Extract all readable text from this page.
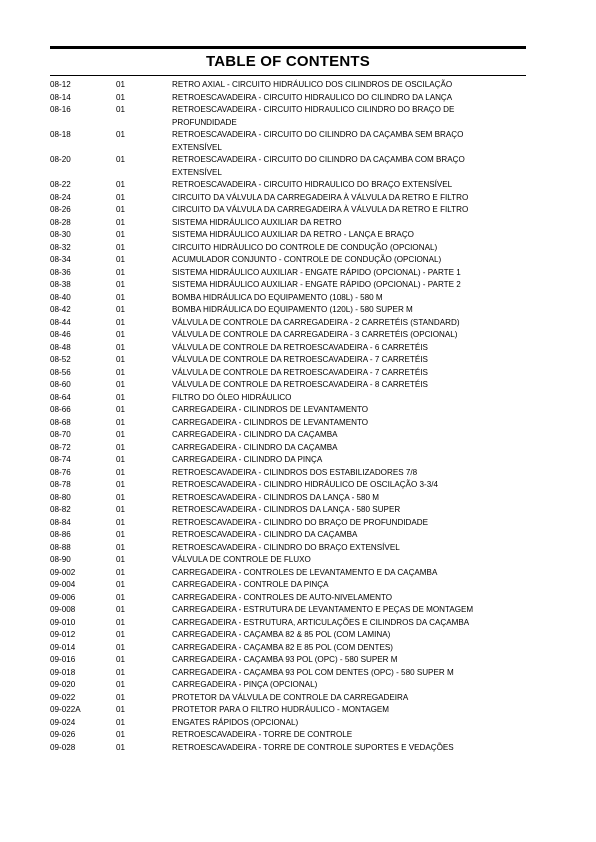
TABLE OF CONTENTS
08-12	01	RETRO AXIAL - CIRCUITO HIDRÁULICO DOS CILINDROS DE OSCILAÇÃO
08-14	01	RETROESCAVADEIRA - CIRCUITO HIDRAULICO DO CILINDRO DA LANÇA
08-16	01	RETROESCAVADEIRA - CIRCUITO HIDRAULICO CILINDRO DO BRAÇO DE
PROFUNDIDADE
08-18	01	RETROESCAVADEIRA - CIRCUITO DO CILINDRO DA CAÇAMBA SEM BRAÇO
EXTENSÍVEL
08-20	01	RETROESCAVADEIRA - CIRCUITO DO CILINDRO DA CAÇAMBA COM BRAÇO
EXTENSÍVEL
08-22	01	RETROESCAVADEIRA - CIRCUITO HIDRAULICO DO BRAÇO EXTENSÍVEL
08-24	01	CIRCUITO DA VÁLVULA DA CARREGADEIRA À VÁLVULA DA RETRO E FILTRO
08-26	01	CIRCUITO DA VÁLVULA DA CARREGADEIRA À VÁLVULA DA RETRO E FILTRO
08-28	01	SISTEMA HIDRÁULICO AUXILIAR DA RETRO
08-30	01	SISTEMA HIDRÁULICO AUXILIAR DA RETRO - LANÇA E BRAÇO
08-32	01	CIRCUITO HIDRÀULICO DO CONTROLE DE CONDUÇÃO (OPCIONAL)
08-34	01	ACUMULADOR CONJUNTO - CONTROLE DE CONDUÇÃO (OPCIONAL)
08-36	01	SISTEMA HIDRÁULICO AUXILIAR - ENGATE RÁPIDO (OPCIONAL) - PARTE 1
08-38	01	SISTEMA HIDRÁULICO AUXILIAR - ENGATE RÁPIDO (OPCIONAL) - PARTE 2
08-40	01	BOMBA HIDRÁULICA DO EQUIPAMENTO (108L) - 580 M
08-42	01	BOMBA HIDRÁULICA DO EQUIPAMENTO (120L) - 580 SUPER M
08-44	01	VÁLVULA DE CONTROLE DA CARREGADEIRA - 2 CARRETÉIS (STANDARD)
08-46	01	VÁLVULA DE CONTROLE DA CARREGADEIRA - 3 CARRETÉIS (OPCIONAL)
08-48	01	VÁLVULA DE CONTROLE DA RETROESCAVADEIRA - 6 CARRETÉIS
08-52	01	VÁLVULA DE CONTROLE DA RETROESCAVADEIRA - 7 CARRETÉIS
08-56	01	VÁLVULA DE CONTROLE DA RETROESCAVADEIRA - 7 CARRETÉIS
08-60	01	VÁLVULA DE CONTROLE DA RETROESCAVADEIRA - 8 CARRETÉIS
08-64	01	FILTRO DO ÓLEO HIDRÁULICO
08-66	01	CARREGADEIRA - CILINDROS DE LEVANTAMENTO
08-68	01	CARREGADEIRA - CILINDROS DE LEVANTAMENTO
08-70	01	CARREGADEIRA - CILINDRO DA CAÇAMBA
08-72	01	CARREGADEIRA - CILINDRO DA CAÇAMBA
08-74	01	CARREGADEIRA - CILINDRO DA PINÇA
08-76	01	RETROESCAVADEIRA - CILINDROS DOS ESTABILIZADORES 7/8
08-78	01	RETROESCAVADEIRA - CILINDRO HIDRÁULICO DE OSCILAÇÃO 3-3/4
08-80	01	RETROESCAVADEIRA - CILINDROS DA LANÇA - 580 M
08-82	01	RETROESCAVADEIRA - CILINDROS DA LANÇA - 580 SUPER
08-84	01	RETROESCAVADEIRA - CILINDRO DO BRAÇO DE PROFUNDIDADE
08-86	01	RETROESCAVADEIRA - CILINDRO DA CAÇAMBA
08-88	01	RETROESCAVADEIRA - CILINDRO DO BRAÇO EXTENSÍVEL
08-90	01	VÁLVULA DE CONTROLE DE FLUXO
09-002	01	CARREGADEIRA - CONTROLES DE LEVANTAMENTO E DA CAÇAMBA
09-004	01	CARREGADEIRA - CONTROLE DA PINÇA
09-006	01	CARREGADEIRA - CONTROLES DE AUTO-NIVELAMENTO
09-008	01	CARREGADEIRA - ESTRUTURA DE LEVANTAMENTO E PEÇAS DE MONTAGEM
09-010	01	CARREGADEIRA - ESTRUTURA, ARTICULAÇÕES E CILINDROS DA CAÇAMBA
09-012	01	CARREGADEIRA - CAÇAMBA 82 & 85 POL (COM LAMINA)
09-014	01	CARREGADEIRA - CAÇAMBA 82 E 85 POL (COM DENTES)
09-016	01	CARREGADEIRA - CAÇAMBA 93 POL (OPC) - 580 SUPER M
09-018	01	CARREGADEIRA - CAÇAMBA 93 POL COM DENTES (OPC) - 580 SUPER M
09-020	01	CARREGADEIRA - PINÇA (OPCIONAL)
09-022	01	PROTETOR DA VÁLVULA DE CONTROLE DA CARREGADEIRA
09-022A	01	PROTETOR PARA O FILTRO HUDRÁULICO - MONTAGEM
09-024	01	ENGATES RÁPIDOS (OPCIONAL)
09-026	01	RETROESCAVADEIRA - TORRE DE CONTROLE
09-028	01	RETROESCAVADEIRA - TORRE DE CONTROLE SUPORTES E VEDAÇÕES
